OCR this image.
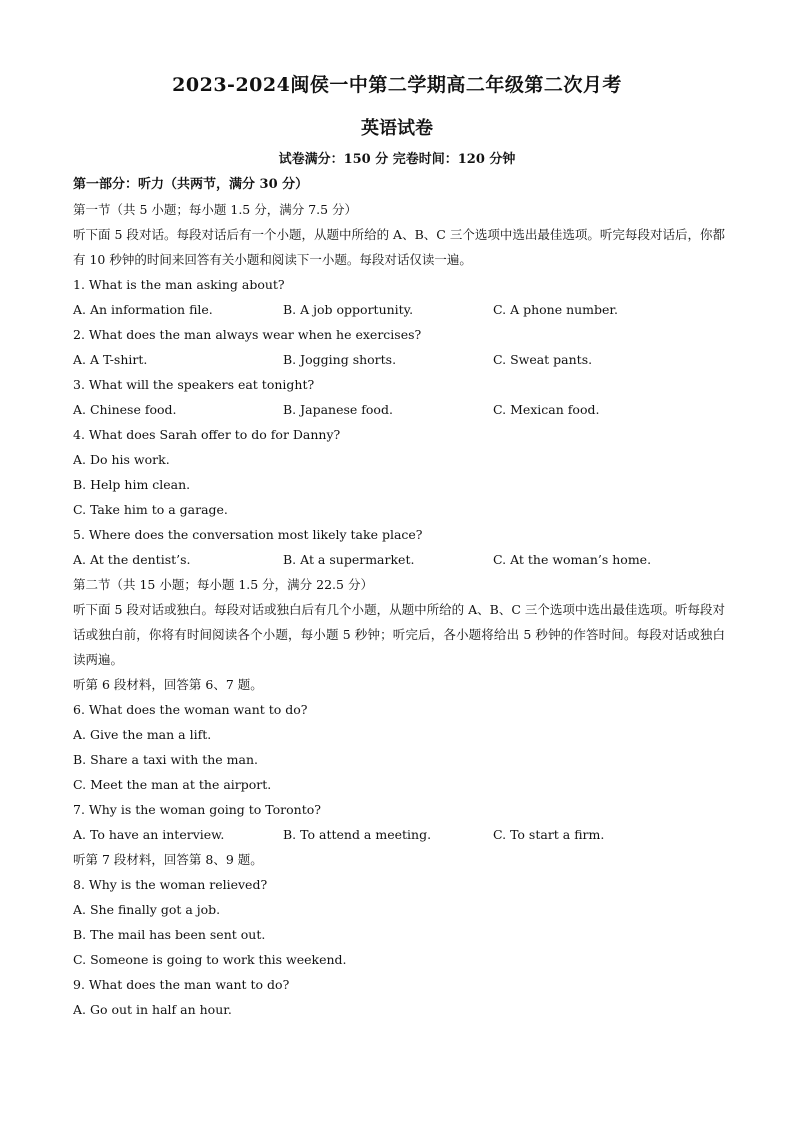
2023-2024闽侯一中第二学期高二年级第二次月考
英语试卷
试卷满分：150 分 完卷时间：120 分钟
第一部分：听力（共两节，满分 30 分）
第一节（共 5 小题；每小题 1.5 分，满分 7.5 分）
听下面 5 段对话。每段对话后有一个小题，从题中所给的 A、B、C 三个选项中选出最佳选项。听完每段对话后，你都有 10 秒钟的时间来回答有关小题和阅读下一小题。每段对话仅读一遍。
1. What is the man asking about?
A. An information file.	B. A job opportunity.	C. A phone number.
2. What does the man always wear when he exercises?
A. A T-shirt.	B. Jogging shorts.	C. Sweat pants.
3. What will the speakers eat tonight?
A. Chinese food.	B. Japanese food.	C. Mexican food.
4. What does Sarah offer to do for Danny?
A. Do his work.
B. Help him clean.
C. Take him to a garage.
5. Where does the conversation most likely take place?
A. At the dentist’s.	B. At a supermarket.	C. At the woman’s home.
第二节（共 15 小题；每小题 1.5 分，满分 22.5 分）
听下面 5 段对话或独白。每段对话或独白后有几个小题，从题中所给的 A、B、C 三个选项中选出最佳选项。听每段对话或独白前，你将有时间阅读各个小题，每小题 5 秒钟；听完后，各小题将给出 5 秒钟的作答时间。每段对话或独白读两遍。
听第 6 段材料，回答第 6、7 题。
6. What does the woman want to do?
A. Give the man a lift.
B. Share a taxi with the man.
C. Meet the man at the airport.
7. Why is the woman going to Toronto?
A. To have an interview.	B. To attend a meeting.	C. To start a firm.
听第 7 段材料，回答第 8、9 题。
8. Why is the woman relieved?
A. She finally got a job.
B. The mail has been sent out.
C. Someone is going to work this weekend.
9. What does the man want to do?
A. Go out in half an hour.
